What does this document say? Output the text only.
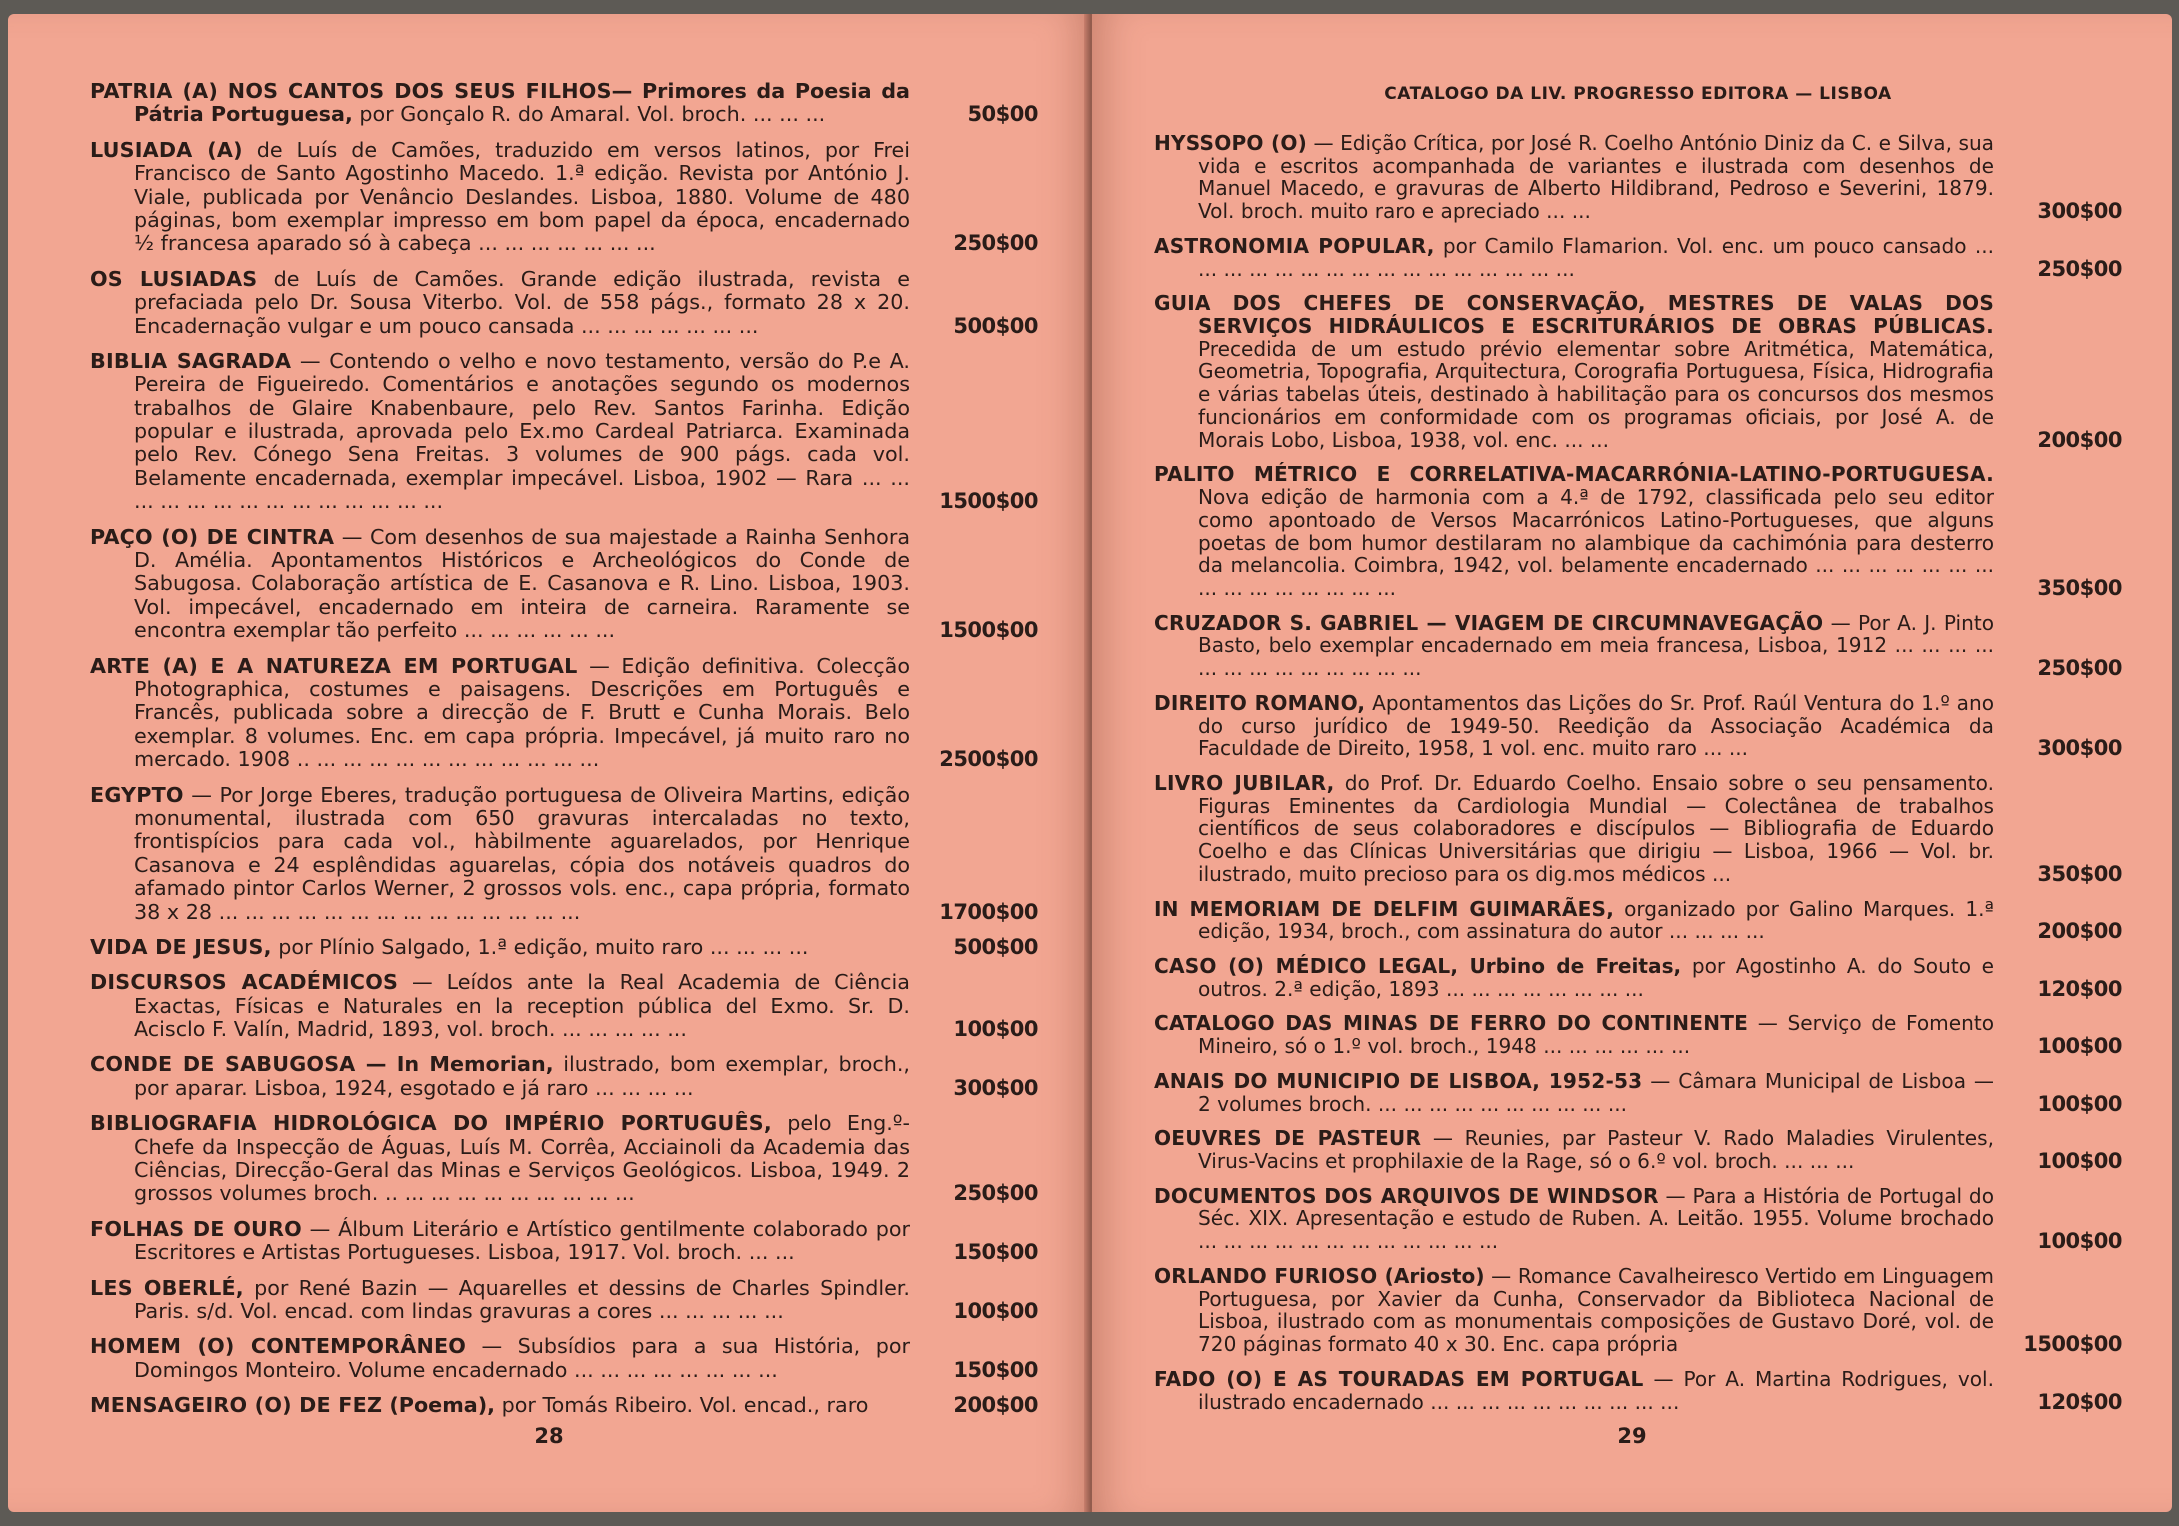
PATRIA (A) NOS CANTOS DOS SEUS FILHOS— Primores da Poesia da Pátria Portuguesa, por Gonçalo R. do Amaral. Vol. broch. ... ... ...	50$00
LUSIADA (A) de Luís de Camões, traduzido em versos latinos, por Frei Francisco de Santo Agostinho Macedo. 1.ª edição. Revista por António J. Viale, publicada por Venâncio Deslandes. Lisboa, 1880. Volume de 480 páginas, bom exemplar impresso em bom papel da época, encadernado ½ francesa aparado só à cabeça ... ... ... ... ... ... ...	250$00
OS LUSIADAS de Luís de Camões. Grande edição ilustrada, revista e prefaciada pelo Dr. Sousa Viterbo. Vol. de 558 págs., formato 28 x 20. Encadernação vulgar e um pouco cansada ... ... ... ... ... ... ...	500$00
BIBLIA SAGRADA — Contendo o velho e novo testamento, versão do P.e A. Pereira de Figueiredo. Comentários e anotações segundo os modernos trabalhos de Glaire Knabenbaure, pelo Rev. Santos Farinha. Edição popular e ilustrada, aprovada pelo Ex.mo Cardeal Patriarca. Examinada pelo Rev. Cónego Sena Freitas. 3 volumes de 900 págs. cada vol. Belamente encadernada, exemplar impecável. Lisboa, 1902 — Rara ... ... ... ... ... ... ... ... ... ... ... ... ... ...	1500$00
PAÇO (O) DE CINTRA — Com desenhos de sua majestade a Rainha Senhora D. Amélia. Apontamentos Históricos e Archeológicos do Conde de Sabugosa. Colaboração artística de E. Casanova e R. Lino. Lisboa, 1903. Vol. impecável, encadernado em inteira de carneira. Raramente se encontra exemplar tão perfeito ... ... ... ... ... ...	1500$00
ARTE (A) E A NATUREZA EM PORTUGAL — Edição definitiva. Colecção Photographica, costumes e paisagens. Descrições em Português e Francês, publicada sobre a direcção de F. Brutt e Cunha Morais. Belo exemplar. 8 volumes. Enc. em capa própria. Impecável, já muito raro no mercado. 1908 .. ... ... ... ... ... ... ... ... ... ... ...	2500$00
EGYPTO — Por Jorge Eberes, tradução portuguesa de Oliveira Martins, edição monumental, ilustrada com 650 gravuras intercaladas no texto, frontispícios para cada vol., hàbilmente aguarelados, por Henrique Casanova e 24 esplêndidas aguarelas, cópia dos notáveis quadros do afamado pintor Carlos Werner, 2 grossos vols. enc., capa própria, formato 38 x 28 ... ... ... ... ... ... ... ... ... ... ... ... ... ...	1700$00
VIDA DE JESUS, por Plínio Salgado, 1.ª edição, muito raro ... ... ... ...	500$00
DISCURSOS ACADÉMICOS — Leídos ante la Real Academia de Ciência Exactas, Físicas e Naturales en la reception pública del Exmo. Sr. D. Acisclo F. Valín, Madrid, 1893, vol. broch. ... ... ... ... ...	100$00
CONDE DE SABUGOSA — In Memorian, ilustrado, bom exemplar, broch., por aparar. Lisboa, 1924, esgotado e já raro ... ... ... ...	300$00
BIBLIOGRAFIA HIDROLÓGICA DO IMPÉRIO PORTUGUÊS, pelo Eng.º-Chefe da Inspecção de Águas, Luís M. Corrêa, Acciainoli da Academia das Ciências, Direcção-Geral das Minas e Serviços Geológicos. Lisboa, 1949. 2 grossos volumes broch. .. ... ... ... ... ... ... ... ... ...	250$00
FOLHAS DE OURO — Álbum Literário e Artístico gentilmente colaborado por Escritores e Artistas Portugueses. Lisboa, 1917. Vol. broch. ... ...	150$00
LES OBERLÉ, por René Bazin — Aquarelles et dessins de Charles Spindler. Paris. s/d. Vol. encad. com lindas gravuras a cores ... ... ... ... ...	100$00
HOMEM (O) CONTEMPORÂNEO — Subsídios para a sua História, por Domingos Monteiro. Volume encadernado ... ... ... ... ... ... ... ...	150$00
MENSAGEIRO (O) DE FEZ (Poema), por Tomás Ribeiro. Vol. encad., raro	200$00
28
CATALOGO DA LIV. PROGRESSO EDITORA — LISBOA
HYSSOPO (O) — Edição Crítica, por José R. Coelho António Diniz da C. e Silva, sua vida e escritos acompanhada de variantes e ilustrada com desenhos de Manuel Macedo, e gravuras de Alberto Hildibrand, Pedroso e Severini, 1879. Vol. broch. muito raro e apreciado ... ...	300$00
ASTRONOMIA POPULAR, por Camilo Flamarion. Vol. enc. um pouco cansado ... ... ... ... ... ... ... ... ... ... ... ... ... ... ... ...	250$00
GUIA DOS CHEFES DE CONSERVAÇÃO, MESTRES DE VALAS DOS SERVIÇOS HIDRÁULICOS E ESCRITURÁRIOS DE OBRAS PÚBLICAS. Precedida de um estudo prévio elementar sobre Aritmética, Matemática, Geometria, Topografia, Arquitectura, Corografia Portuguesa, Física, Hidrografia e várias tabelas úteis, destinado à habilitação para os concursos dos mesmos funcionários em conformidade com os programas oficiais, por José A. de Morais Lobo, Lisboa, 1938, vol. enc. ... ...	200$00
PALITO MÉTRICO E CORRELATIVA-MACARRÓNIA-LATINO-PORTUGUESA. Nova edição de harmonia com a 4.ª de 1792, classificada pelo seu editor como apontoado de Versos Macarrónicos Latino-Portugueses, que alguns poetas de bom humor destilaram no alambique da cachimónia para desterro da melancolia. Coimbra, 1942, vol. belamente encadernado ... ... ... ... ... ... ... ... ... ... ... ... ... ... ...	350$00
CRUZADOR S. GABRIEL — VIAGEM DE CIRCUMNAVEGAÇÃO — Por A. J. Pinto Basto, belo exemplar encadernado em meia francesa, Lisboa, 1912 ... ... ... ... ... ... ... ... ... ... ... ... ...	250$00
DIREITO ROMANO, Apontamentos das Lições do Sr. Prof. Raúl Ventura do 1.º ano do curso jurídico de 1949-50. Reedição da Associação Académica da Faculdade de Direito, 1958, 1 vol. enc. muito raro ... ...	300$00
LIVRO JUBILAR, do Prof. Dr. Eduardo Coelho. Ensaio sobre o seu pensamento. Figuras Eminentes da Cardiologia Mundial — Colectânea de trabalhos científicos de seus colaboradores e discípulos — Bibliografia de Eduardo Coelho e das Clínicas Universitárias que dirigiu — Lisboa, 1966 — Vol. br. ilustrado, muito precioso para os dig.mos médicos ...	350$00
IN MEMORIAM DE DELFIM GUIMARÃES, organizado por Galino Marques. 1.ª edição, 1934, broch., com assinatura do autor ... ... ... ...	200$00
CASO (O) MÉDICO LEGAL, Urbino de Freitas, por Agostinho A. do Souto e outros. 2.ª edição, 1893 ... ... ... ... ... ... ... ...	120$00
CATALOGO DAS MINAS DE FERRO DO CONTINENTE — Serviço de Fomento Mineiro, só o 1.º vol. broch., 1948 ... ... ... ... ... ...	100$00
ANAIS DO MUNICIPIO DE LISBOA, 1952-53 — Câmara Municipal de Lisboa — 2 volumes broch. ... ... ... ... ... ... ... ... ... ...	100$00
OEUVRES DE PASTEUR — Reunies, par Pasteur V. Rado Maladies Virulentes, Virus-Vacins et prophilaxie de la Rage, só o 6.º vol. broch. ... ... ...	100$00
DOCUMENTOS DOS ARQUIVOS DE WINDSOR — Para a História de Portugal do Séc. XIX. Apresentação e estudo de Ruben. A. Leitão. 1955. Volume brochado ... ... ... ... ... ... ... ... ... ... ... ...	100$00
ORLANDO FURIOSO (Ariosto) — Romance Cavalheiresco Vertido em Linguagem Portuguesa, por Xavier da Cunha, Conservador da Biblioteca Nacional de Lisboa, ilustrado com as monumentais composições de Gustavo Doré, vol. de 720 páginas formato 40 x 30. Enc. capa própria	1500$00
FADO (O) E AS TOURADAS EM PORTUGAL — Por A. Martina Rodrigues, vol. ilustrado encadernado ... ... ... ... ... ... ... ... ... ...	120$00
29
